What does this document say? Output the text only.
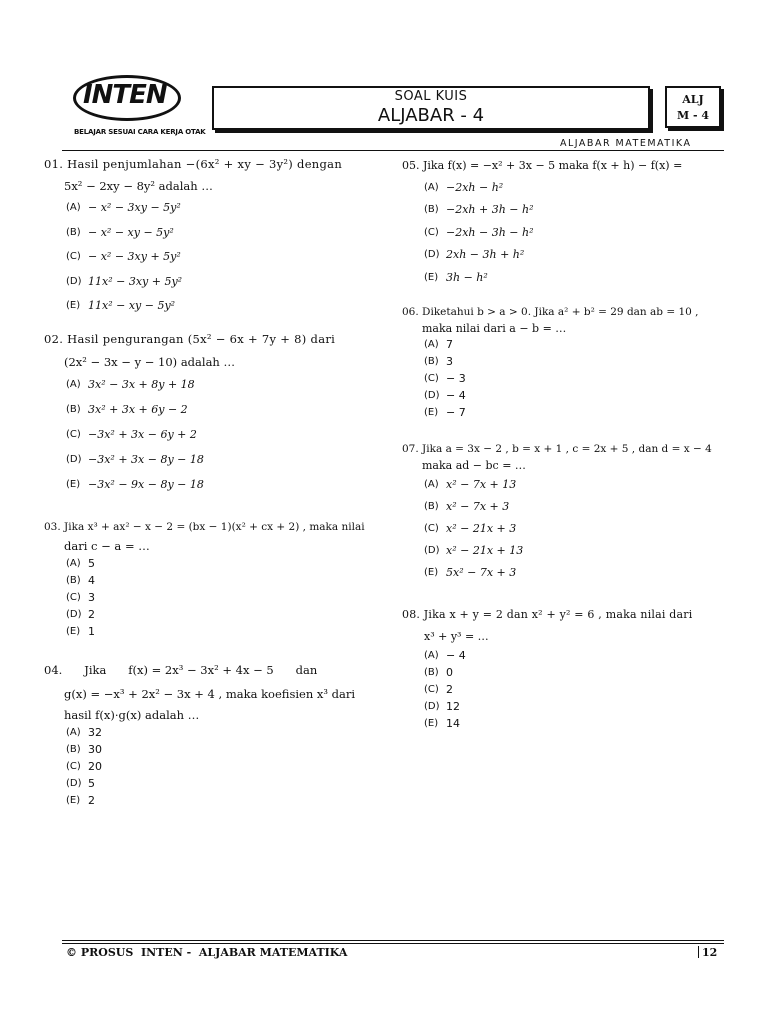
INTEN
BELAJAR SESUAI CARA KERJA OTAK
SOAL KUIS
ALJABAR - 4
ALJ
M - 4
ALJABAR MATEMATIKA
01. Hasil penjumlahan −(6x² + xy − 3y²) dengan
5x² − 2xy − 8y² adalah …
(A) − x² − 3xy − 5y²
(B) − x² − xy − 5y²
(C) − x² − 3xy + 5y²
(D) 11x² − 3xy + 5y²
(E) 11x² − xy − 5y²
02. Hasil pengurangan (5x² − 6x + 7y + 8) dari
(2x² − 3x − y − 10) adalah …
(A) 3x² − 3x + 8y + 18
(B) 3x² + 3x + 6y − 2
(C) −3x² + 3x − 6y + 2
(D) −3x² + 3x − 8y − 18
(E) −3x² − 9x − 8y − 18
03. Jika x³ + ax² − x − 2 = (bx − 1)(x² + cx + 2) , maka nilai
dari c − a = …
(A) 5
(B) 4
(C) 3
(D) 2
(E) 1
04.      Jika      f(x) = 2x³ − 3x² + 4x − 5      dan
g(x) = −x³ + 2x² − 3x + 4 , maka koefisien x³ dari
hasil f(x)·g(x) adalah …
(A) 32
(B) 30
(C) 20
(D) 5
(E) 2
05. Jika f(x) = −x² + 3x − 5 maka f(x + h) − f(x) =
(A) −2xh − h²
(B) −2xh + 3h − h²
(C) −2xh − 3h − h²
(D) 2xh − 3h + h²
(E) 3h − h²
06. Diketahui b > a > 0. Jika a² + b² = 29 dan ab = 10 ,
maka nilai dari a − b = …
(A) 7
(B) 3
(C) − 3
(D) − 4
(E) − 7
07. Jika a = 3x − 2 , b = x + 1 , c = 2x + 5 , dan d = x − 4
maka ad − bc = …
(A) x² − 7x + 13
(B) x² − 7x + 3
(C) x² − 21x + 3
(D) x² − 21x + 13
(E) 5x² − 7x + 3
08. Jika x + y = 2 dan x² + y² = 6 , maka nilai dari
x³ + y³ = …
(A) − 4
(B) 0
(C) 2
(D) 12
(E) 14
© PROSUS  INTEN -  ALJABAR MATEMATIKA	12
